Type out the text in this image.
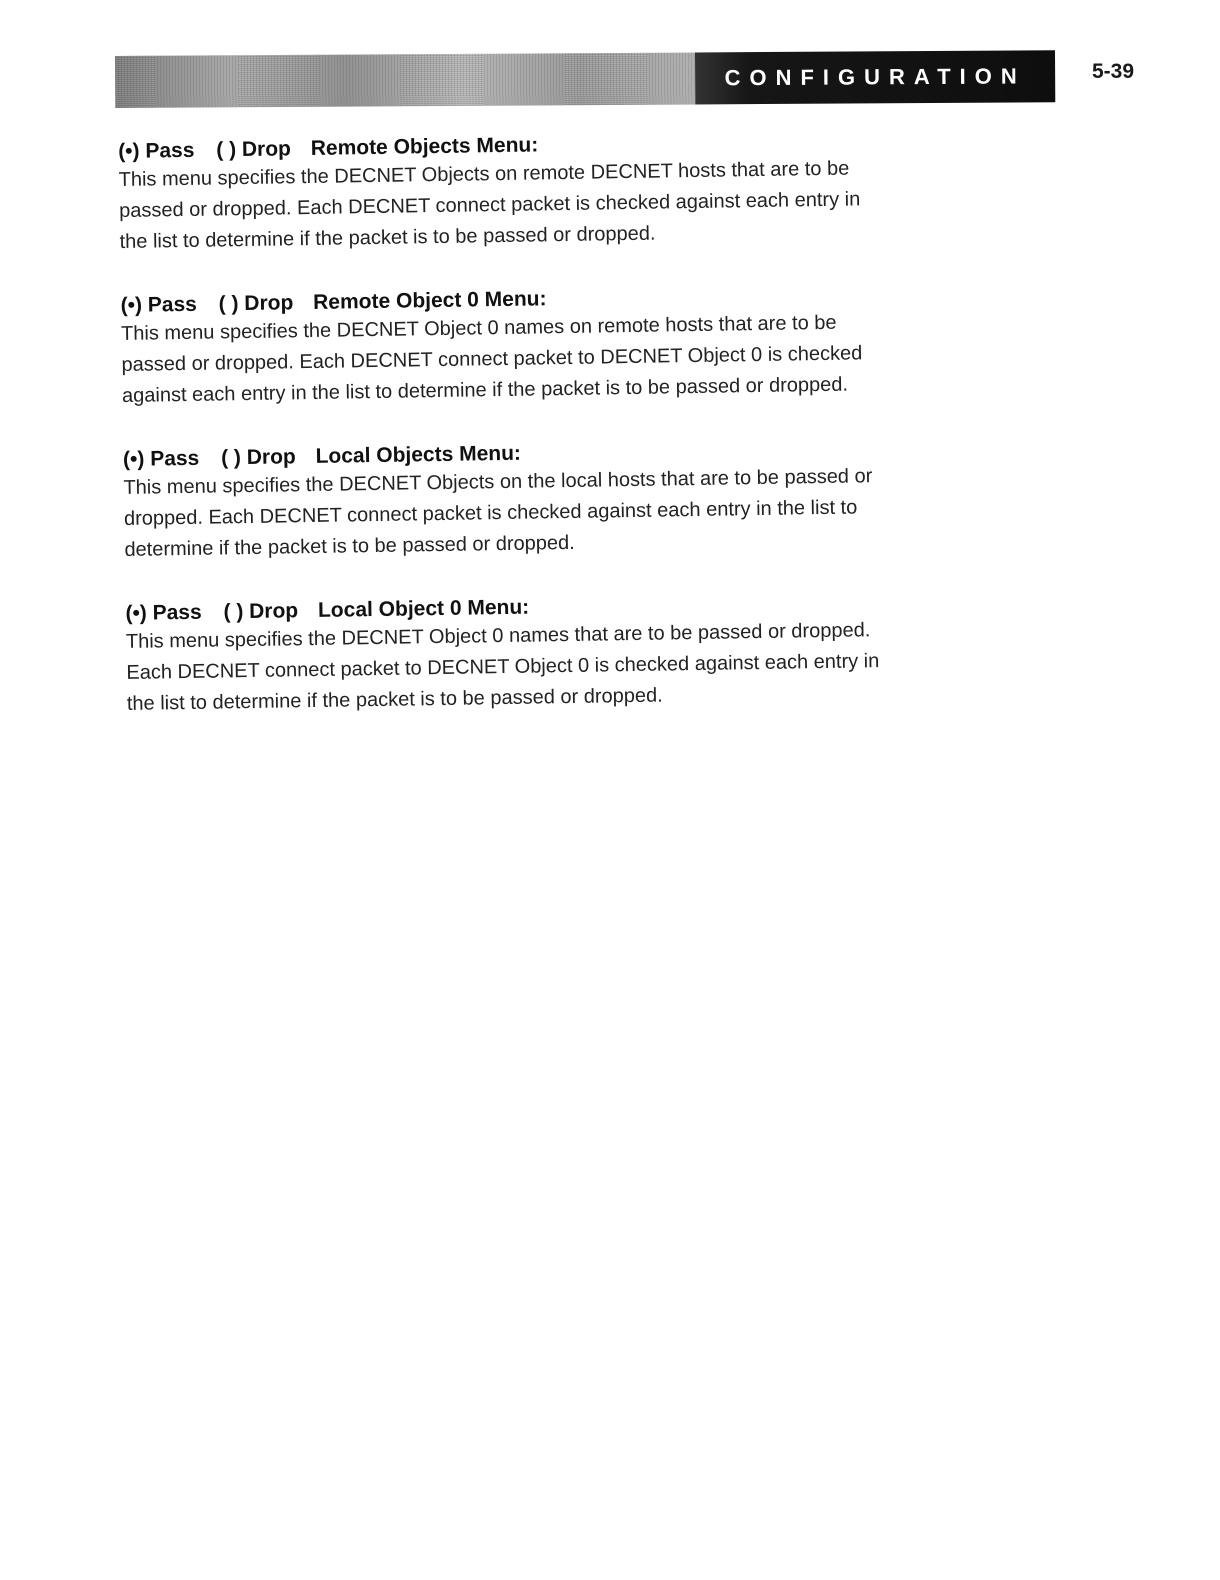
CONFIGURATION	5-39
(•) Pass ( ) Drop Remote Objects Menu:
This menu specifies the DECNET Objects on remote DECNET hosts that are to be
passed or dropped. Each DECNET connect packet is checked against each entry in
the list to determine if the packet is to be passed or dropped.
(•) Pass ( ) Drop Remote Object 0 Menu:
This menu specifies the DECNET Object 0 names on remote hosts that are to be
passed or dropped. Each DECNET connect packet to DECNET Object 0 is checked
against each entry in the list to determine if the packet is to be passed or dropped.
(•) Pass ( ) Drop Local Objects Menu:
This menu specifies the DECNET Objects on the local hosts that are to be passed or
dropped. Each DECNET connect packet is checked against each entry in the list to
determine if the packet is to be passed or dropped.
(•) Pass ( ) Drop Local Object 0 Menu:
This menu specifies the DECNET Object 0 names that are to be passed or dropped.
Each DECNET connect packet to DECNET Object 0 is checked against each entry in
the list to determine if the packet is to be passed or dropped.
